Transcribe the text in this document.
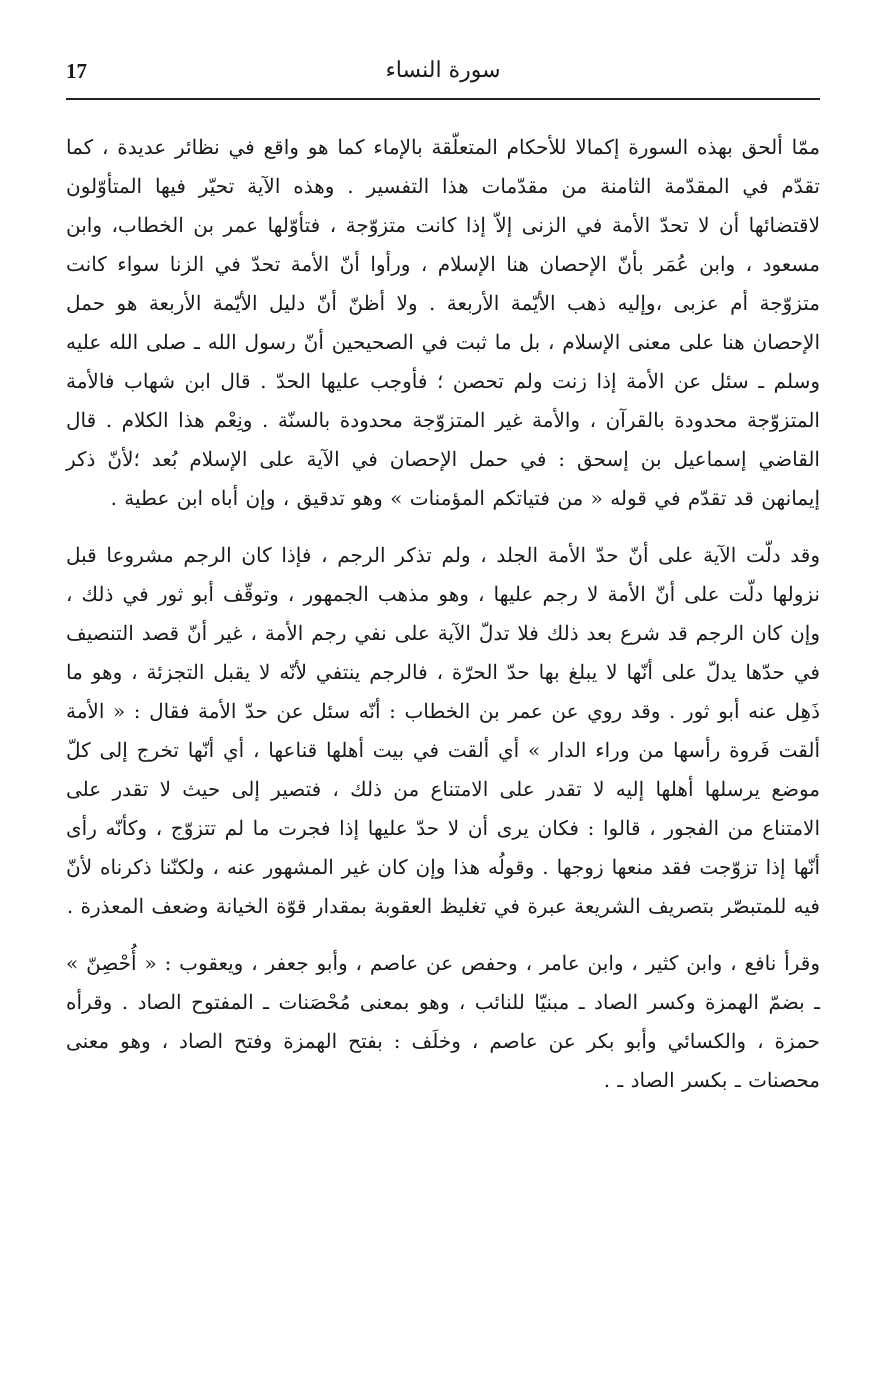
17	سورة النساء

ممّا ألحق بهذه السورة إكمالا للأحكام المتعلّقة بالإماء كما هو واقع في نظائر عديدة ، كما تقدّم في المقدّمة الثامنة من مقدّمات هذا التفسير . وهذه الآية تحيّر فيها المتأوّلون لاقتضائها أن لا تحدّ الأمة في الزنى إلاّ إذا كانت متزوّجة ، فتأوّلها عمر بن الخطاب، وابن مسعود ، وابن عُمَر بأنّ الإحصان هنا الإسلام ، ورأوا أنّ الأمة تحدّ في الزنا سواء كانت متزوّجة أم عزبى ،وإليه ذهب الأيّمة الأربعة . ولا أظنّ أنّ دليل الأيّمة الأربعة هو حمل الإحصان هنا على معنى الإسلام ، بل ما ثبت في الصحيحين أنّ رسول الله ـ صلى الله عليه وسلم ـ سئل عن الأمة إذا زنت ولم تحصن ؛ فأوجب عليها الحدّ . قال ابن شهاب فالأمة المتزوّجة محدودة بالقرآن ، والأمة غير المتزوّجة محدودة بالسنّة . ونِعْم هذا الكلام . قال القاضي إسماعيل بن إسحق : في حمل الإحصان في الآية على الإسلام بُعد ؛لأنّ ذكر إيمانهن قد تقدّم في قوله « من فتياتكم المؤمنات » وهو تدقيق ، وإن أباه ابن عطية .

وقد دلّت الآية على أنّ حدّ الأمة الجلد ، ولم تذكر الرجم ، فإذا كان الرجم مشروعا قبل نزولها دلّت على أنّ الأمة لا رجم عليها ، وهو مذهب الجمهور ، وتوقّف أبو ثور في ذلك ، وإن كان الرجم قد شرع بعد ذلك فلا تدلّ الآية على نفي رجم الأمة ، غير أنّ قصد التنصيف في حدّها يدلّ على أنّها لا يبلغ بها حدّ الحرّة ، فالرجم ينتفي لأنّه لا يقبل التجزئة ، وهو ما ذَهِل عنه أبو ثور . وقد روي عن عمر بن الخطاب : أنّه سئل عن حدّ الأمة فقال : « الأمة ألقت فَروة رأسها من وراء الدار » أي ألقت في بيت أهلها قناعها ، أي أنّها تخرج إلى كلّ موضع يرسلها أهلها إليه لا تقدر على الامتناع من ذلك ، فتصير إلى حيث لا تقدر على الامتناع من الفجور ، قالوا : فكان يرى أن لا حدّ عليها إذا فجرت ما لم تتزوّج ، وكأنّه رأى أنّها إذا تزوّجت فقد منعها زوجها . وقولُه هذا وإن كان غير المشهور عنه ، ولكنّنا ذكرناه لأنّ فيه للمتبصّر بتصريف الشريعة عبرة في تغليظ العقوبة بمقدار قوّة الخيانة وضعف المعذرة .

وقرأ نافع ، وابن كثير ، وابن عامر ، وحفص عن عاصم ، وأبو جعفر ، ويعقوب : « أُحْصِنّ » ـ بضمّ الهمزة وكسر الصاد ـ مبنيّا للنائب ، وهو بمعنى مُحْصَنات ـ المفتوح الصاد . وقرأه حمزة ، والكسائي وأبو بكر عن عاصم ، وخلَف : بفتح الهمزة وفتح الصاد ، وهو معنى محصنات ـ بكسر الصاد ـ .
